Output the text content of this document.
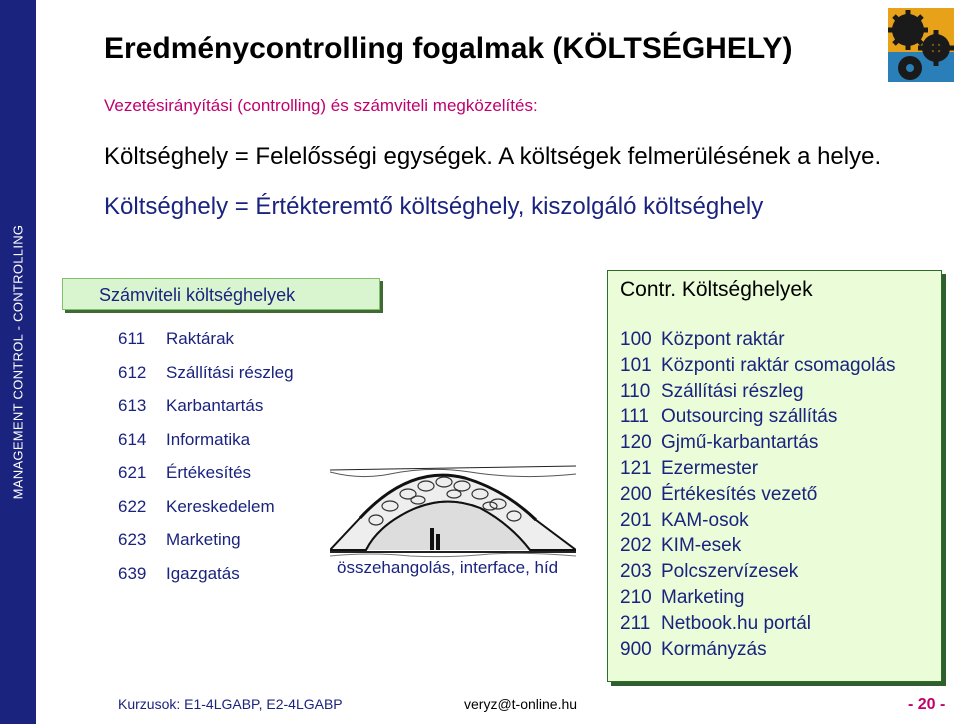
MANAGEMENT CONTROL - CONTROLLING
Eredménycontrolling fogalmak (KÖLTSÉGHELY)
Vezetésirányítási (controlling) és számviteli megközelítés:
Költséghely = Felelősségi egységek. A költségek felmerülésének a helye.
Költséghely = Értékteremtő költséghely, kiszolgáló költséghely
Számviteli költséghelyek
611 Raktárak
612 Szállítási részleg
613 Karbantartás
614 Informatika
621 Értékesítés
622 Kereskedelem
623 Marketing
639 Igazgatás	összehangolás, interface, híd
Contr. Költséghelyek
100 Központ raktár
101 Központi raktár csomagolás
110 Szállítási részleg
111 Outsourcing szállítás
120 Gjmű-karbantartás
121 Ezermester
200 Értékesítés vezető
201 KAM-osok
202 KIM-esek
203 Polcszervízesek
210 Marketing
211 Netbook.hu portál
900 Kormányzás
Kurzusok: E1-4LGABP, E2-4LGABP	veryz@t-online.hu	- 20 -
